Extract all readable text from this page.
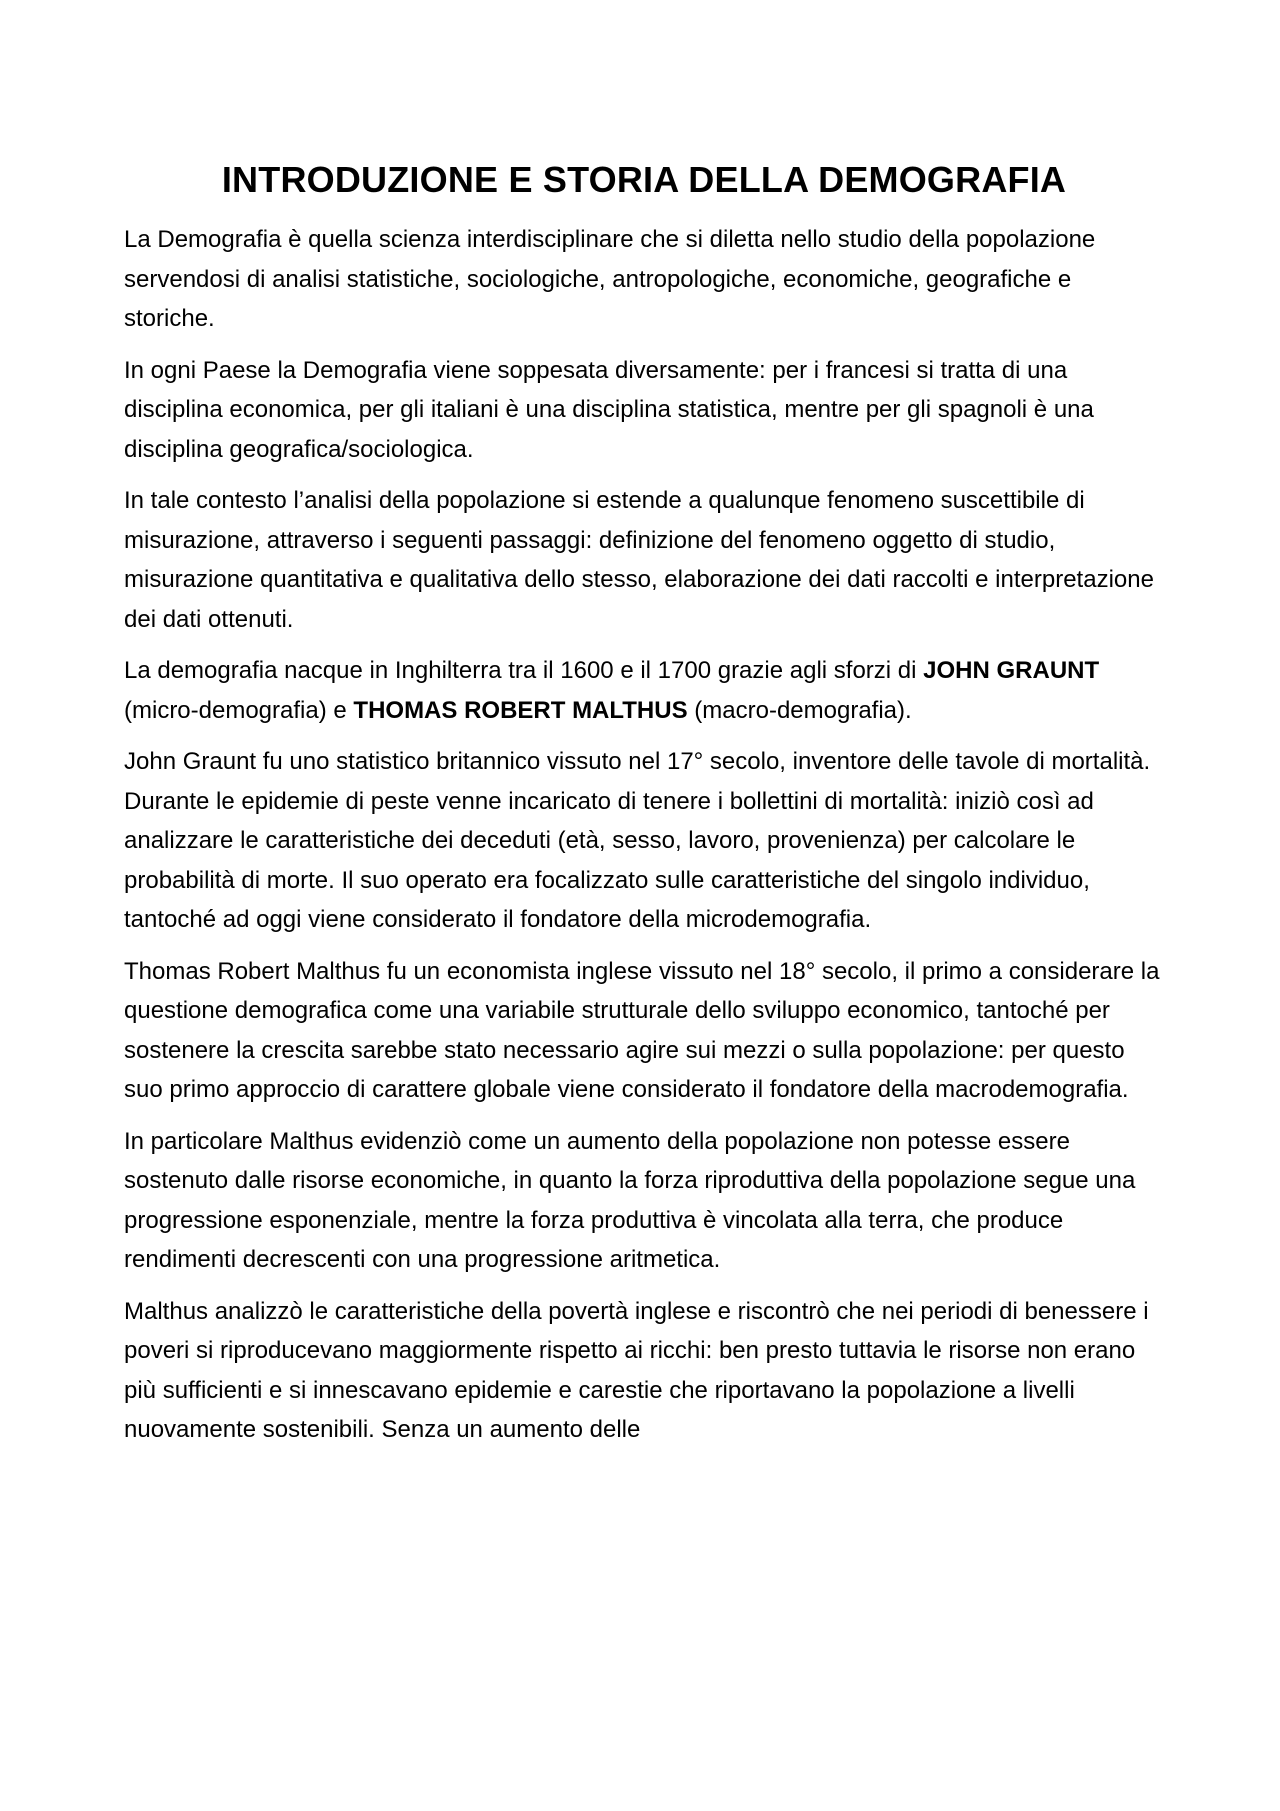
INTRODUZIONE E STORIA DELLA DEMOGRAFIA

La Demografia è quella scienza interdisciplinare che si diletta nello studio della popolazione servendosi di analisi statistiche, sociologiche, antropologiche, economiche, geografiche e storiche.

In ogni Paese la Demografia viene soppesata diversamente: per i francesi si tratta di una disciplina economica, per gli italiani è una disciplina statistica, mentre per gli spagnoli è una disciplina geografica/sociologica.

In tale contesto l’analisi della popolazione si estende a qualunque fenomeno suscettibile di misurazione, attraverso i seguenti passaggi: definizione del fenomeno oggetto di studio, misurazione quantitativa e qualitativa dello stesso, elaborazione dei dati raccolti e interpretazione dei dati ottenuti.

La demografia nacque in Inghilterra tra il 1600 e il 1700 grazie agli sforzi di JOHN GRAUNT (micro-demografia) e THOMAS ROBERT MALTHUS (macro-demografia).

John Graunt fu uno statistico britannico vissuto nel 17° secolo, inventore delle tavole di mortalità. Durante le epidemie di peste venne incaricato di tenere i bollettini di mortalità: iniziò così ad analizzare le caratteristiche dei deceduti (età, sesso, lavoro, provenienza) per calcolare le probabilità di morte. Il suo operato era focalizzato sulle caratteristiche del singolo individuo, tantoché ad oggi viene considerato il fondatore della microdemografia.

Thomas Robert Malthus fu un economista inglese vissuto nel 18° secolo, il primo a considerare la questione demografica come una variabile strutturale dello sviluppo economico, tantoché per sostenere la crescita sarebbe stato necessario agire sui mezzi o sulla popolazione: per questo suo primo approccio di carattere globale viene considerato il fondatore della macrodemografia.

In particolare Malthus evidenziò come un aumento della popolazione non potesse essere sostenuto dalle risorse economiche, in quanto la forza riproduttiva della popolazione segue una progressione esponenziale, mentre la forza produttiva è vincolata alla terra, che produce rendimenti decrescenti con una progressione aritmetica.

Malthus analizzò le caratteristiche della povertà inglese e riscontrò che nei periodi di benessere i poveri si riproducevano maggiormente rispetto ai ricchi: ben presto tuttavia le risorse non erano più sufficienti e si innescavano epidemie e carestie che riportavano la popolazione a livelli nuovamente sostenibili. Senza un aumento delle
